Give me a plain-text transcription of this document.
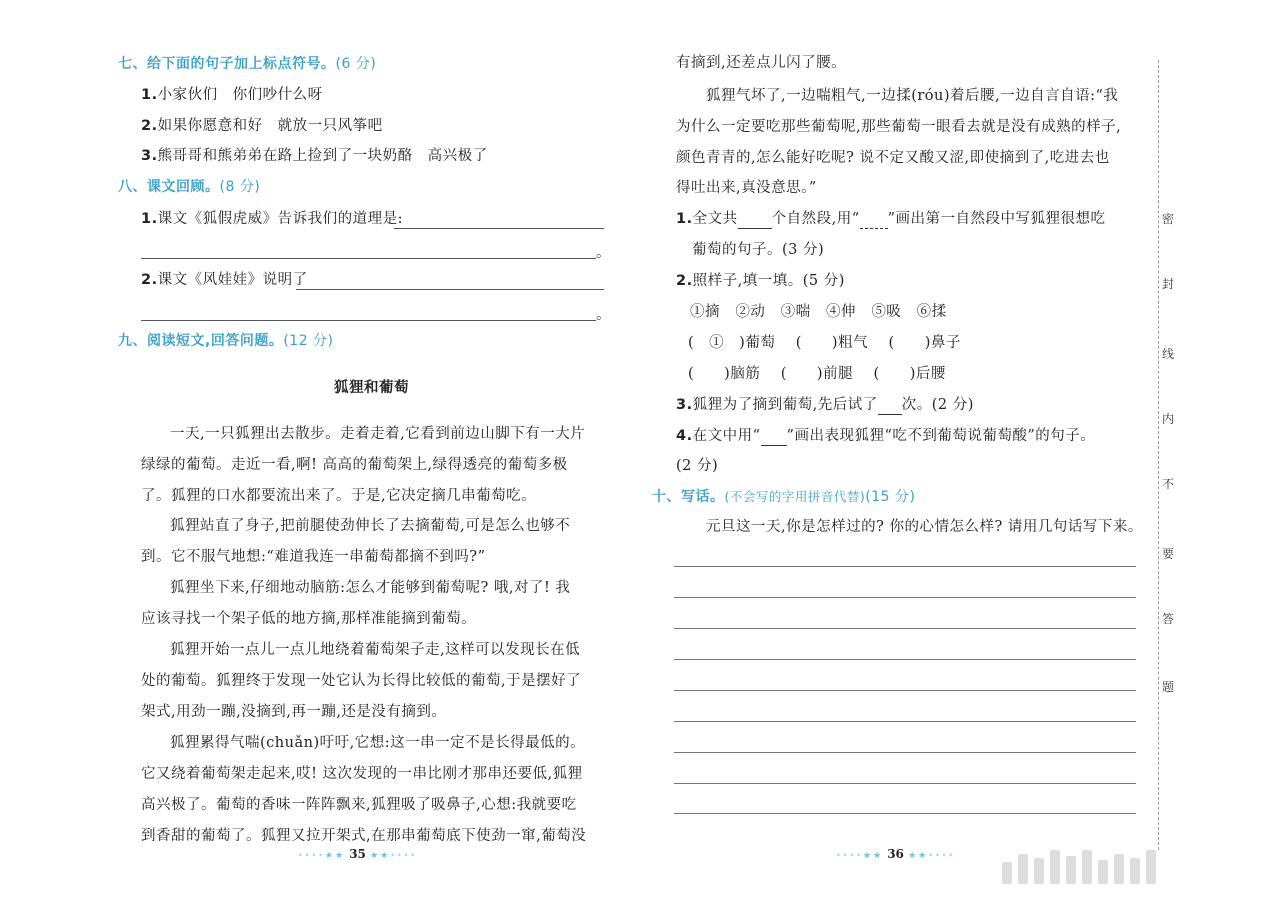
七、给下面的句子加上标点符号。(6 分)
1.小家伙们　你们吵什么呀
2.如果你愿意和好　就放一只风筝吧
3.熊哥哥和熊弟弟在路上捡到了一块奶酪　高兴极了
八、课文回顾。(8 分)
1.课文《狐假虎威》告诉我们的道理是:
。
2.课文《风娃娃》说明了
。
九、阅读短文,回答问题。(12 分)
狐狸和葡萄
一天,一只狐狸出去散步。走着走着,它看到前边山脚下有一大片
绿绿的葡萄。走近一看,啊! 高高的葡萄架上,绿得透亮的葡萄多极
了。狐狸的口水都要流出来了。于是,它决定摘几串葡萄吃。
狐狸站直了身子,把前腿使劲伸长了去摘葡萄,可是怎么也够不
到。它不服气地想:“难道我连一串葡萄都摘不到吗?”
狐狸坐下来,仔细地动脑筋:怎么才能够到葡萄呢? 哦,对了! 我
应该寻找一个架子低的地方摘,那样准能摘到葡萄。
狐狸开始一点儿一点儿地绕着葡萄架子走,这样可以发现长在低
处的葡萄。狐狸终于发现一处它认为长得比较低的葡萄,于是摆好了
架式,用劲一蹦,没摘到,再一蹦,还是没有摘到。
狐狸累得气喘(chuǎn)吁吁,它想:这一串一定不是长得最低的。
它又绕着葡萄架走起来,哎! 这次发现的一串比刚才那串还要低,狐狸
高兴极了。葡萄的香味一阵阵飘来,狐狸吸了吸鼻子,心想:我就要吃
到香甜的葡萄了。狐狸又拉开架式,在那串葡萄底下使劲一窜,葡萄没
••••★★ 35 ★★••••
有摘到,还差点儿闪了腰。
狐狸气坏了,一边喘粗气,一边揉(róu)着后腰,一边自言自语:“我
为什么一定要吃那些葡萄呢,那些葡萄一眼看去就是没有成熟的样子,
颜色青青的,怎么能好吃呢? 说不定又酸又涩,即使摘到了,吃进去也
得吐出来,真没意思。”
1.全文共 个自然段,用“ ”画出第一自然段中写狐狸很想吃
葡萄的句子。(3 分)
2.照样子,填一填。(5 分)
①摘 ②动 ③喘 ④伸 ⑤吸 ⑥揉
(　①　)葡萄 (　　)粗气 (　　)鼻子
(　　)脑筋 (　　)前腿 (　　)后腰
3.狐狸为了摘到葡萄,先后试了 次。(2 分)
4.在文中用“ ”画出表现狐狸“吃不到葡萄说葡萄酸”的句子。
(2 分)
十、写话。(不会写的字用拼音代替)(15 分)
元旦这一天,你是怎样过的? 你的心情怎么样? 请用几句话写下来。
••••★★ 36 ★★••••
密
封
线
内
不
要
答
题
